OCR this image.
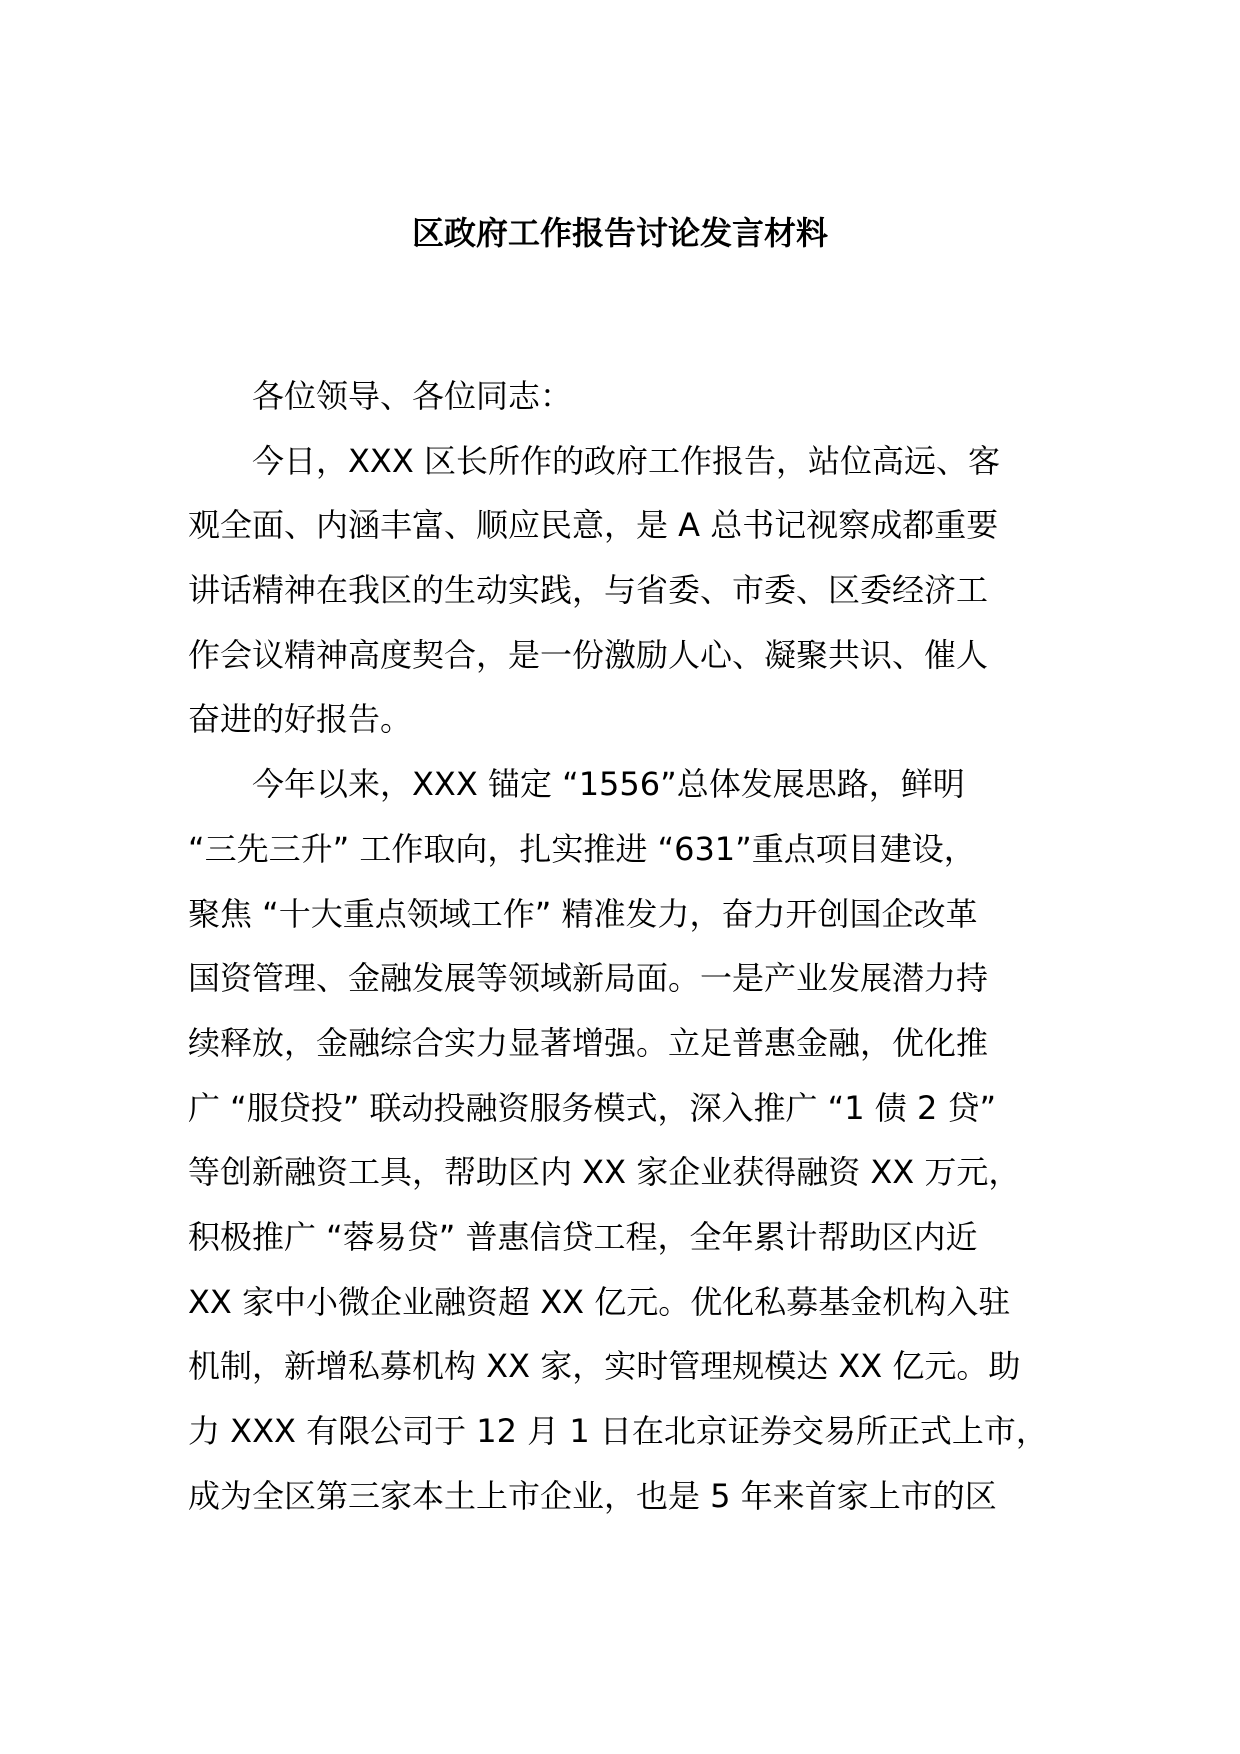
区政府工作报告讨论发言材料
各位领导、各位同志：
今日，XXX 区长所作的政府工作报告，站位高远、客
观全面、内涵丰富、顺应民意，是 A 总书记视察成都重要
讲话精神在我区的生动实践，与省委、市委、区委经济工
作会议精神高度契合，是一份激励人心、凝聚共识、催人
奋进的好报告。
今年以来，XXX 锚定 “1556”总体发展思路，鲜明
“三先三升” 工作取向，扎实推进 “631”重点项目建设，
聚焦 “十大重点领域工作” 精准发力，奋力开创国企改革
国资管理、金融发展等领域新局面。一是产业发展潜力持
续释放，金融综合实力显著增强。立足普惠金融，优化推
广 “服贷投” 联动投融资服务模式，深入推广 “1 债 2 贷”
等创新融资工具，帮助区内 XX 家企业获得融资 XX 万元，
积极推广 “蓉易贷” 普惠信贷工程，全年累计帮助区内近
XX 家中小微企业融资超 XX 亿元。优化私募基金机构入驻
机制，新增私募机构 XX 家，实时管理规模达 XX 亿元。助
力 XXX 有限公司于 12 月 1 日在北京证券交易所正式上市，
成为全区第三家本土上市企业，也是 5 年来首家上市的区
